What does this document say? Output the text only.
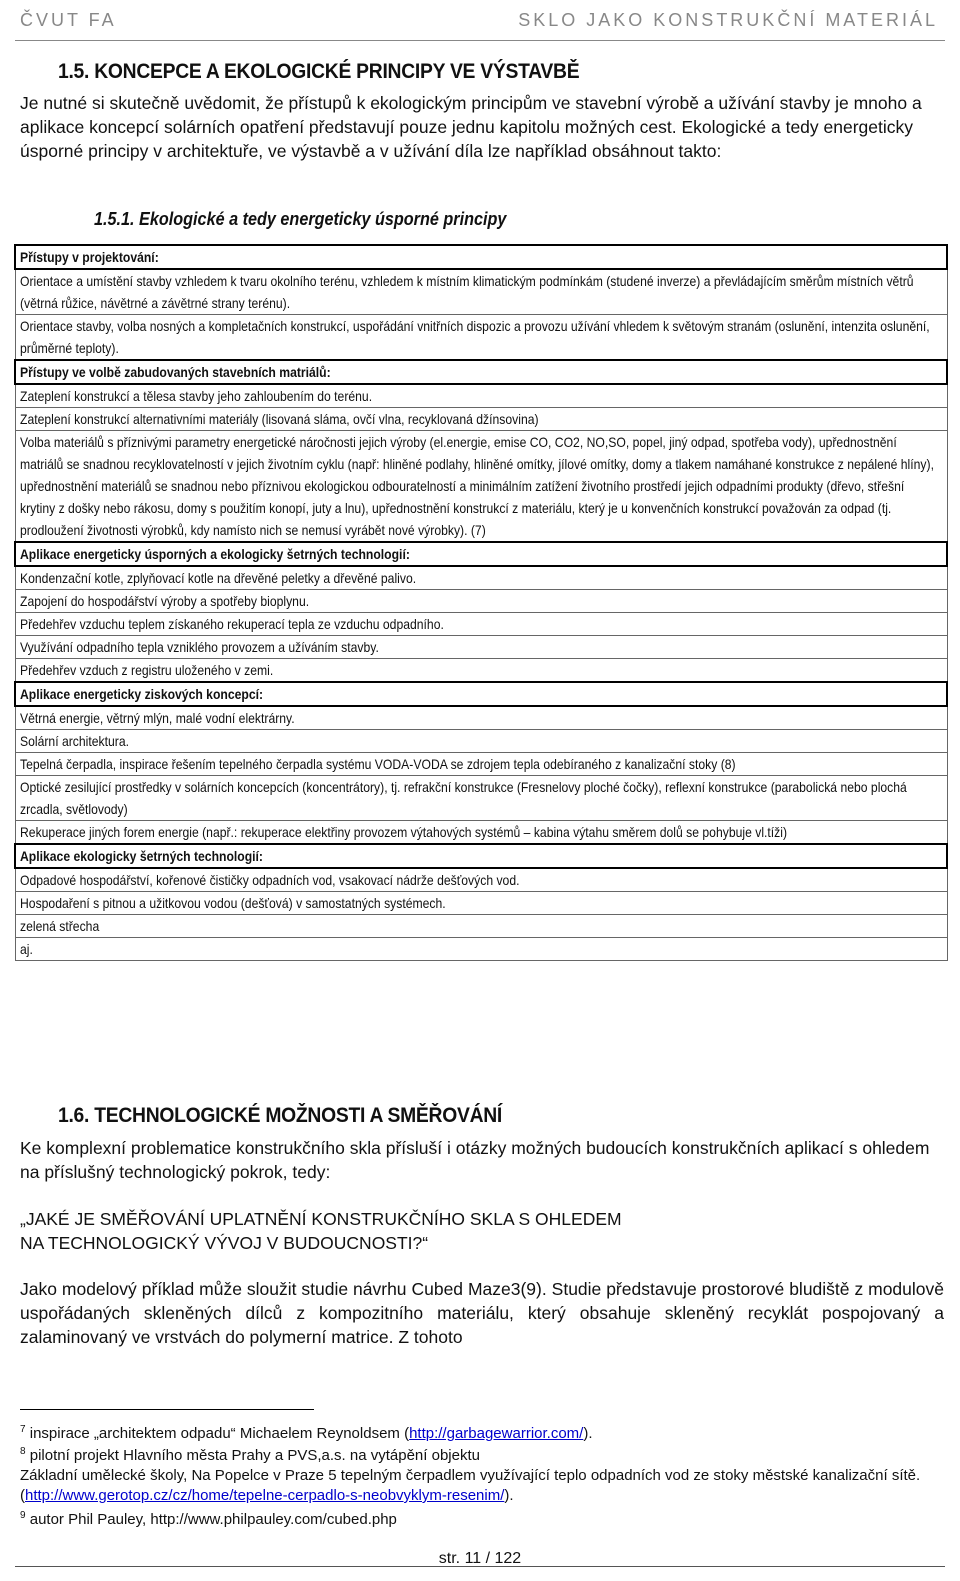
ČVUT FA	SKLO JAKO KONSTRUKČNÍ MATERIÁL
1.5. KONCEPCE A EKOLOGICKÉ PRINCIPY VE VÝSTAVBĚ

Je nutné si skutečně uvědomit, že přístupů k ekologickým principům ve stavební výrobě a užívání stavby je mnoho a aplikace koncepcí solárních opatření představují pouze jednu kapitolu možných cest. Ekologické a tedy energeticky úsporné principy v architektuře, ve výstavbě a v užívání díla lze například obsáhnout takto:

1.5.1. Ekologické a tedy energeticky úsporné principy
Přístupy v projektování:
Orientace a umístění stavby vzhledem k tvaru okolního terénu, vzhledem k místním klimatickým podmínkám (studené inverze) a převládajícím směrům místních větrů (větrná růžice, návětrné a závětrné strany terénu).
Orientace stavby, volba nosných a kompletačních konstrukcí, uspořádání vnitřních dispozic a provozu užívání vhledem k světovým stranám (oslunění, intenzita oslunění, průměrné teploty).
Přístupy ve volbě zabudovaných stavebních matriálů:
Zateplení konstrukcí a tělesa stavby jeho zahloubením do terénu.
Zateplení konstrukcí alternativními materiály (lisovaná sláma, ovčí vlna, recyklovaná džínsovina)
Volba materiálů s příznivými parametry energetické náročnosti jejich výroby (el.energie, emise CO, CO2, NO,SO, popel, jiný odpad, spotřeba vody), upřednostnění matriálů se snadnou recyklovatelností v jejich životním cyklu (např: hliněné podlahy, hliněné omítky, jílové omítky, domy a tlakem namáhané konstrukce z nepálené hlíny), upřednostnění materiálů se snadnou nebo příznivou ekologickou odbouratelností a minimálním zatížení životního prostředí jejich odpadními produkty (dřevo, střešní krytiny z došky nebo rákosu, domy s použitím konopí, juty a lnu), upřednostnění konstrukcí z materiálu, který je u konvenčních konstrukcí považován za odpad (tj. prodloužení životnosti výrobků, kdy namísto nich se nemusí vyrábět nové výrobky). (7)
Aplikace energeticky úsporných a ekologicky šetrných technologií:
Kondenzační kotle, zplyňovací kotle na dřevěné peletky a dřevěné palivo.
Zapojení do hospodářství výroby a spotřeby bioplynu.
Předehřev vzduchu teplem získaného rekuperací tepla ze vzduchu odpadního.
Využívání odpadního tepla vzniklého provozem a užíváním stavby.
Předehřev vzduch z registru uloženého v zemi.
Aplikace energeticky ziskových koncepcí:
Větrná energie, větrný mlýn, malé vodní elektrárny.
Solární architektura.
Tepelná čerpadla, inspirace řešením tepelného čerpadla systému VODA-VODA se zdrojem tepla odebíraného z kanalizační stoky (8)
Optické zesilující prostředky v solárních koncepcích (koncentrátory), tj. refrakční konstrukce (Fresnelovy ploché čočky), reflexní konstrukce (parabolická nebo plochá zrcadla, světlovody)
Rekuperace jiných forem energie (např.: rekuperace elektřiny provozem výtahových systémů – kabina výtahu směrem dolů se pohybuje vl.tíži)
Aplikace ekologicky šetrných technologií:
Odpadové hospodářství, kořenové čističky odpadních vod, vsakovací nádrže dešťových vod.
Hospodaření s pitnou a užitkovou vodou (dešťová) v samostatných systémech.
zelená střecha
aj.
1.6. TECHNOLOGICKÉ MOŽNOSTI A SMĚŘOVÁNÍ

Ke komplexní problematice konstrukčního skla přísluší i otázky možných budoucích konstrukčních aplikací s ohledem na příslušný technologický pokrok, tedy:

„JAKÉ JE SMĚŘOVÁNÍ UPLATNĚNÍ KONSTRUKČNÍHO SKLA S OHLEDEM
NA TECHNOLOGICKÝ VÝVOJ V BUDOUCNOSTI?“

Jako modelový příklad může sloužit studie návrhu Cubed Maze3(9). Studie představuje prostorové bludiště z modulově uspořádaných skleněných dílců z kompozitního materiálu, který obsahuje skleněný recyklát pospojovaný a zalaminovaný ve vrstvách do polymerní matrice. Z tohoto

$^7$ inspirace „architektem odpadu“ Michaelem Reynoldsem (http://garbagewarrior.com/).

$^8$ pilotní projekt Hlavního města Prahy a PVS,a.s. na vytápění objektu
Základní umělecké školy, Na Popelce v Praze 5 tepelným čerpadlem využívající teplo odpadních vod ze stoky městské kanalizační sítě. (http://www.gerotop.cz/cz/home/tepelne-cerpadlo-s-neobvyklym-resenim/).

$^9$ autor Phil Pauley, http://www.philpauley.com/cubed.php

str. 11 / 122
